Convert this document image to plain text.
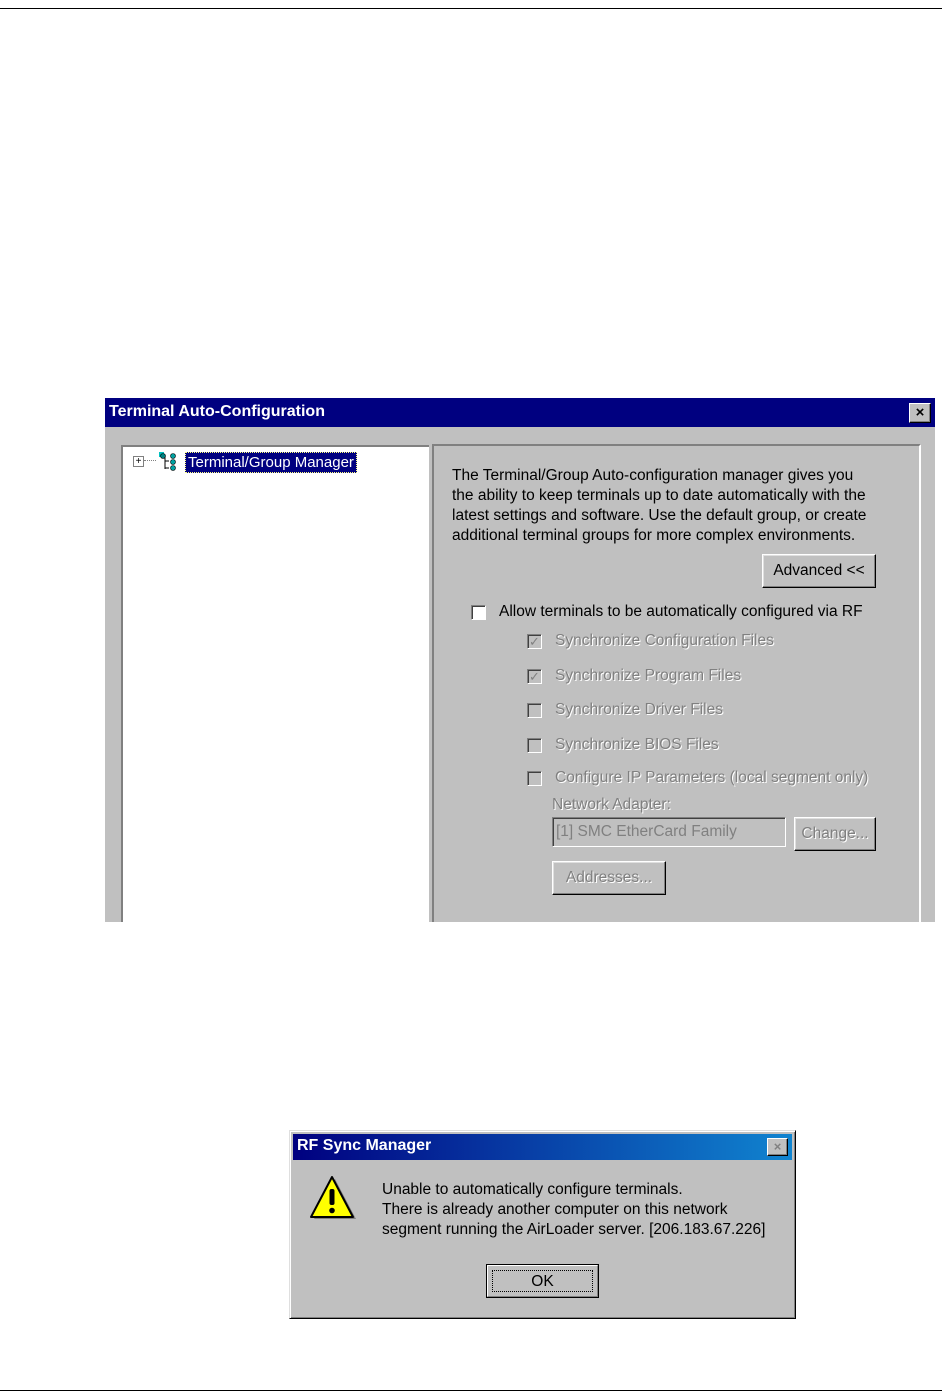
Terminal Auto-Configuration	×
+	Terminal/Group Manager
The Terminal/Group Auto-configuration manager gives you
the ability to keep terminals up to date automatically with the
latest settings and software. Use the default group, or create
additional terminal groups for more complex environments.
Advanced <<
Allow terminals to be automatically configured via RF
✓ Synchronize Configuration Files
✓ Synchronize Program Files
Synchronize Driver Files
Synchronize BIOS Files
Configure IP Parameters (local segment only)
Network Adapter:
[1] SMC EtherCard Family	Change...
Addresses...
RF Sync Manager	×
Unable to automatically configure terminals.
There is already another computer on this network
segment running the AirLoader server. [206.183.67.226]
OK
